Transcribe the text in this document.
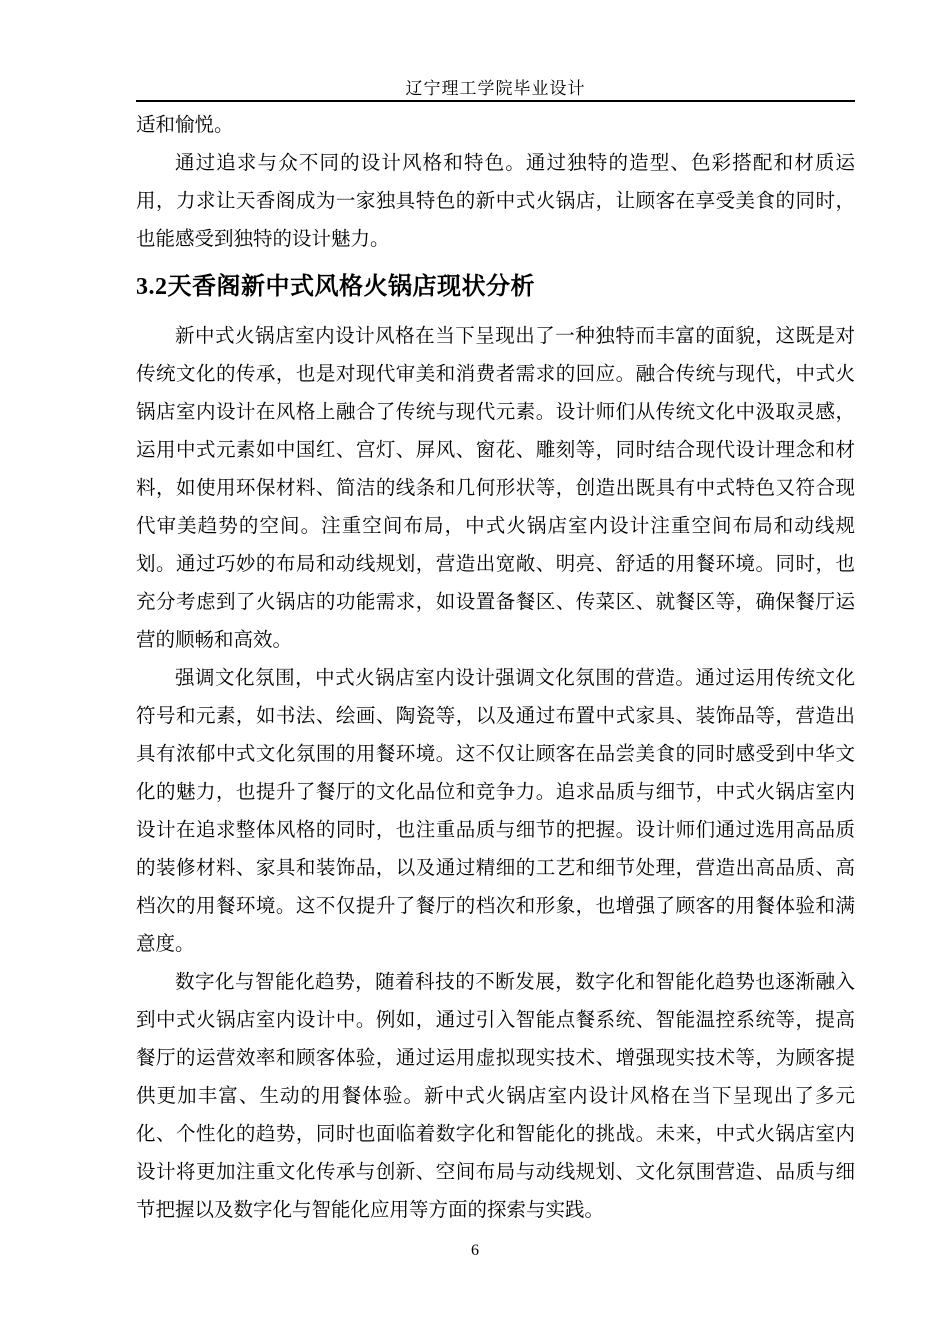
辽宁理工学院毕业设计

适和愉悦。

通过追求与众不同的设计风格和特色。通过独特的造型、色彩搭配和材质运用，力求让天香阁成为一家独具特色的新中式火锅店，让顾客在享受美食的同时，也能感受到独特的设计魅力。

3.2天香阁新中式风格火锅店现状分析

新中式火锅店室内设计风格在当下呈现出了一种独特而丰富的面貌，这既是对传统文化的传承，也是对现代审美和消费者需求的回应。融合传统与现代，中式火锅店室内设计在风格上融合了传统与现代元素。设计师们从传统文化中汲取灵感，运用中式元素如中国红、宫灯、屏风、窗花、雕刻等，同时结合现代设计理念和材料，如使用环保材料、简洁的线条和几何形状等，创造出既具有中式特色又符合现代审美趋势的空间。注重空间布局，中式火锅店室内设计注重空间布局和动线规划。通过巧妙的布局和动线规划，营造出宽敞、明亮、舒适的用餐环境。同时，也充分考虑到了火锅店的功能需求，如设置备餐区、传菜区、就餐区等，确保餐厅运营的顺畅和高效。

强调文化氛围，中式火锅店室内设计强调文化氛围的营造。通过运用传统文化符号和元素，如书法、绘画、陶瓷等，以及通过布置中式家具、装饰品等，营造出具有浓郁中式文化氛围的用餐环境。这不仅让顾客在品尝美食的同时感受到中华文化的魅力，也提升了餐厅的文化品位和竞争力。追求品质与细节，中式火锅店室内设计在追求整体风格的同时，也注重品质与细节的把握。设计师们通过选用高品质的装修材料、家具和装饰品，以及通过精细的工艺和细节处理，营造出高品质、高档次的用餐环境。这不仅提升了餐厅的档次和形象，也增强了顾客的用餐体验和满意度。

数字化与智能化趋势，随着科技的不断发展，数字化和智能化趋势也逐渐融入到中式火锅店室内设计中。例如，通过引入智能点餐系统、智能温控系统等，提高餐厅的运营效率和顾客体验，通过运用虚拟现实技术、增强现实技术等，为顾客提供更加丰富、生动的用餐体验。新中式火锅店室内设计风格在当下呈现出了多元化、个性化的趋势，同时也面临着数字化和智能化的挑战。未来，中式火锅店室内设计将更加注重文化传承与创新、空间布局与动线规划、文化氛围营造、品质与细节把握以及数字化与智能化应用等方面的探索与实践。

6
